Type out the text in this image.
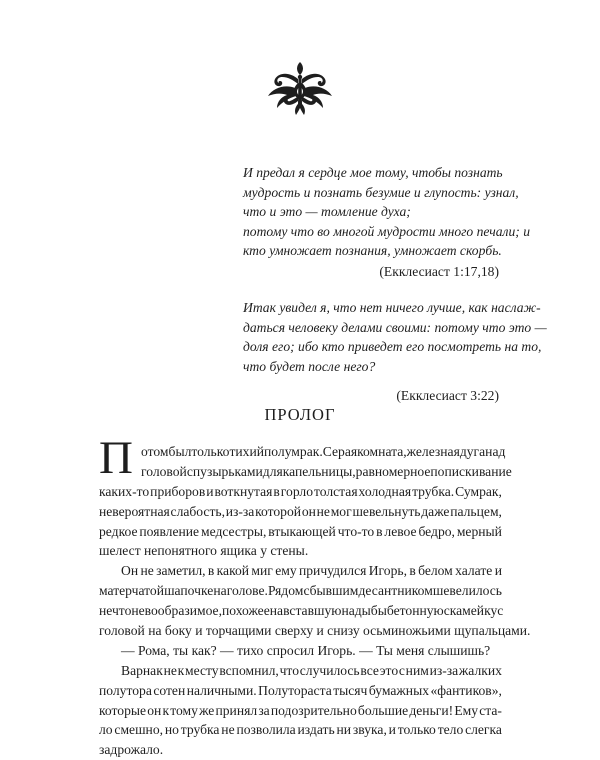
И предал я сердце мое тому, чтобы познать
мудрость и познать безумие и глупость: узнал,
что и это — томление духа;
потому что во многой мудрости много печали; и
кто умножает познания, умножает скорбь.
(Екклесиаст 1:17,18)
Итак увидел я, что нет ничего лучше, как наслаж-
даться человеку делами своими: потому что это —
доля его; ибо кто приведет его посмотреть на то,
что будет после него?
(Екклесиаст 3:22)
ПРОЛОГ
П отом был только тихий полумрак. Серая комната, железная дуга над
головой с пузырьками для капельницы, равномерное попискивание
каких-то приборов и воткнутая в горло толстая холодная трубка. Сумрак,
невероятная слабость, из-за которой он не мог шевельнуть даже пальцем,
редкое появление медсестры, втыкающей что-то в левое бедро, мерный
шелест непонятного ящика у стены.
Он не заметил, в какой миг ему причудился Игорь, в белом халате и
матерчатой шапочке на голове. Рядом с бывшим десантником шевелилось
нечто невообразимое, похожее на вставшую на дыбы бетонную скамейку с
головой на боку и торчащими сверху и снизу осьминожьими щупальцами.
— Рома, ты как? — тихо спросил Игорь. — Ты меня слышишь?
Варнак не к месту вспомнил, что случилось все это с ним из-за жалких
полутора сотен наличными. Полутораста тысяч бумажных «фантиков»,
которые он к тому же принял за подозрительно большие деньги! Ему ста-
ло смешно, но трубка не позволила издать ни звука, и только тело слегка
задрожало.
